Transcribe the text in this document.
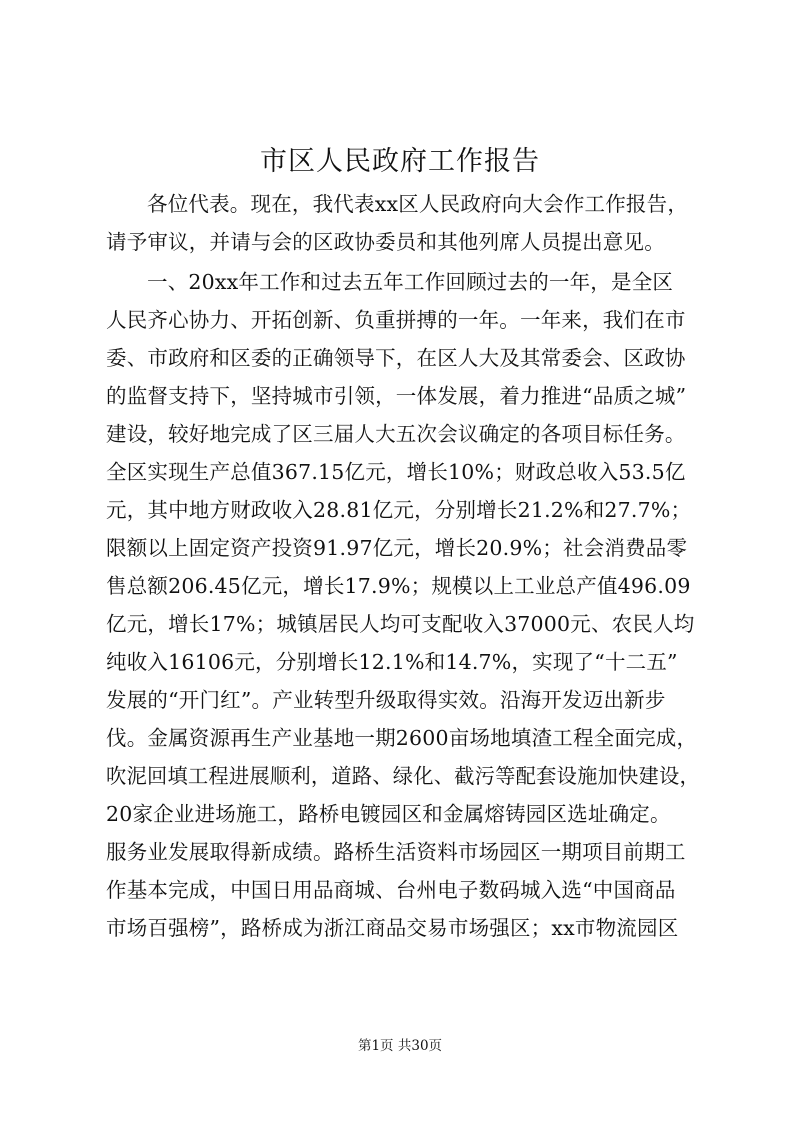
市区人民政府工作报告
各位代表。现在，我代表xx区人民政府向大会作工作报告，
请予审议，并请与会的区政协委员和其他列席人员提出意见。
一、20xx年工作和过去五年工作回顾过去的一年，是全区
人民齐心协力、开拓创新、负重拼搏的一年。一年来，我们在市
委、市政府和区委的正确领导下，在区人大及其常委会、区政协
的监督支持下，坚持城市引领，一体发展，着力推进“品质之城”
建设，较好地完成了区三届人大五次会议确定的各项目标任务。
全区实现生产总值367.15亿元，增长10%；财政总收入53.5亿
元，其中地方财政收入28.81亿元，分别增长21.2%和27.7%；
限额以上固定资产投资91.97亿元，增长20.9%；社会消费品零
售总额206.45亿元，增长17.9%；规模以上工业总产值496.09
亿元，增长17%；城镇居民人均可支配收入37000元、农民人均
纯收入16106元，分别增长12.1%和14.7%，实现了“十二五”
发展的“开门红”。产业转型升级取得实效。沿海开发迈出新步
伐。金属资源再生产业基地一期2600亩场地填渣工程全面完成，
吹泥回填工程进展顺利，道路、绿化、截污等配套设施加快建设，
20家企业进场施工，路桥电镀园区和金属熔铸园区选址确定。
服务业发展取得新成绩。路桥生活资料市场园区一期项目前期工
作基本完成，中国日用品商城、台州电子数码城入选“中国商品
市场百强榜”，路桥成为浙江商品交易市场强区；xx市物流园区
第1页 共30页
